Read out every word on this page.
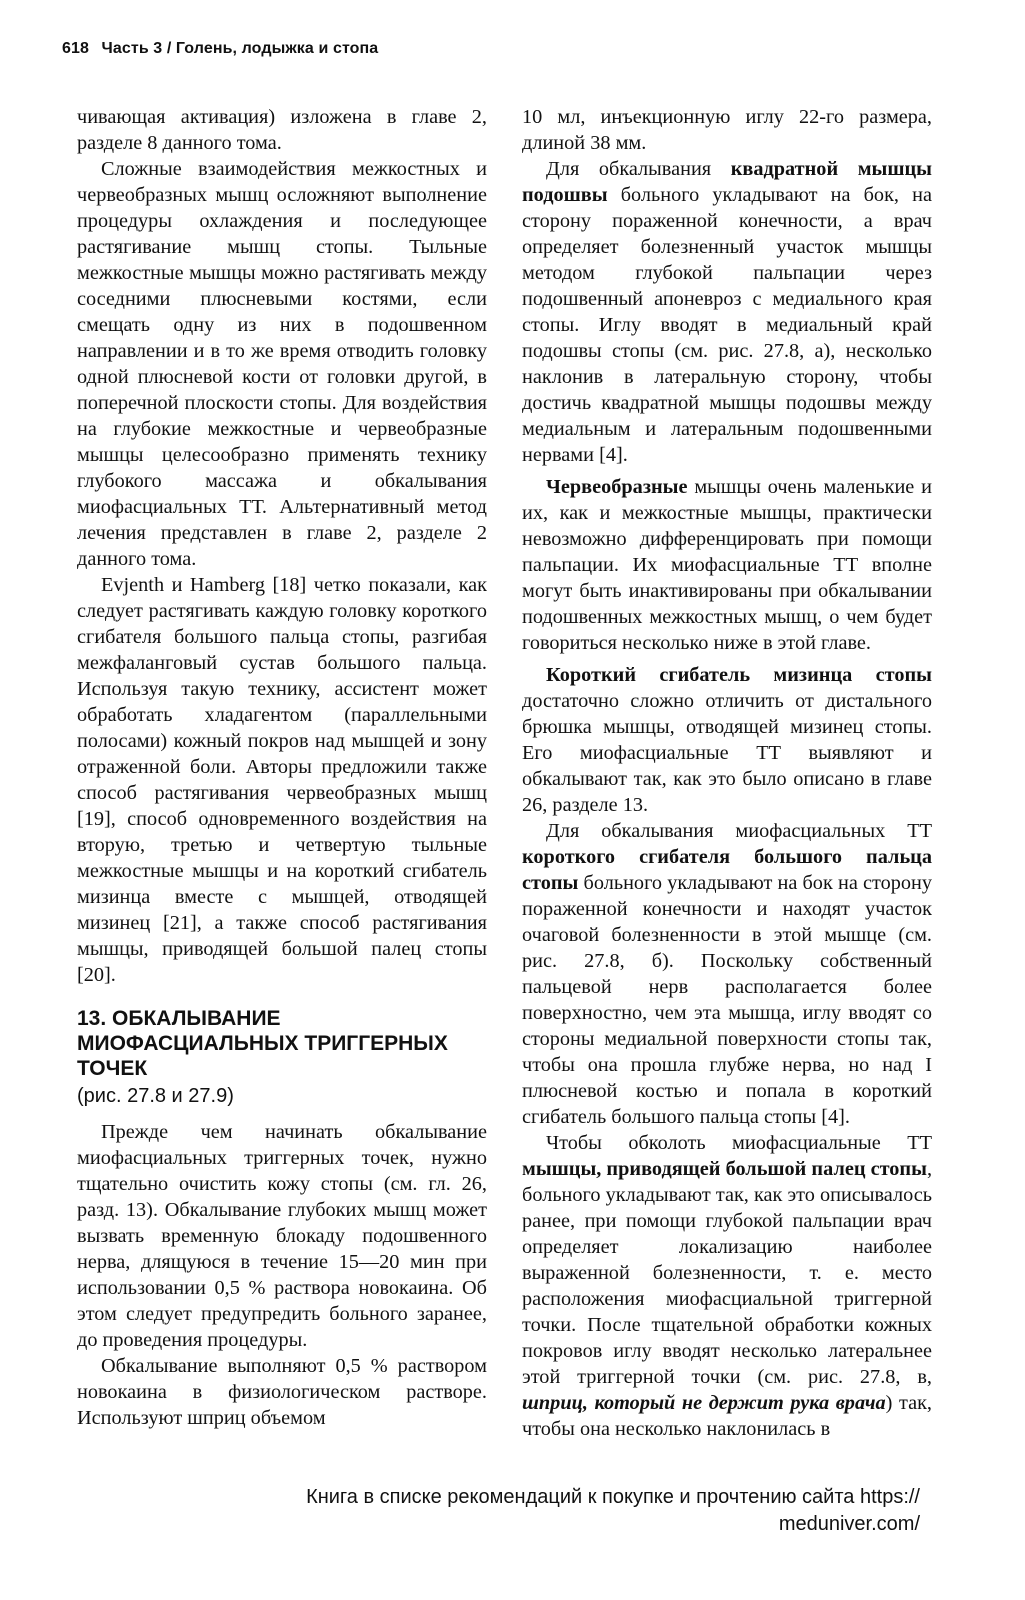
618 Часть 3 / Голень, лодыжка и стопа

чивающая активация) изложена в главе 2, разделе 8 данного тома.

Сложные взаимодействия межкостных и червеобразных мышц осложняют выполнение процедуры охлаждения и последующее растягивание мышц стопы. Тыльные межкостные мышцы можно растягивать между соседними плюсневыми костями, если смещать одну из них в подошвенном направлении и в то же время отводить головку одной плюсневой кости от головки другой, в поперечной плоскости стопы. Для воздействия на глубокие межкостные и червеобразные мышцы целесообразно применять технику глубокого массажа и обкалывания миофасциальных ТТ. Альтернативный метод лечения представлен в главе 2, разделе 2 данного тома.

Evjenth и Hamberg [18] четко показали, как следует растягивать каждую головку короткого сгибателя большого пальца стопы, разгибая межфаланговый сустав большого пальца. Используя такую технику, ассистент может обработать хладагентом (параллельными полосами) кожный покров над мышцей и зону отраженной боли. Авторы предложили также способ растягивания червеобразных мышц [19], способ одновременного воздействия на вторую, третью и четвертую тыльные межкостные мышцы и на короткий сгибатель мизинца вместе с мышцей, отводящей мизинец [21], а также способ растягивания мышцы, приводящей большой палец стопы [20].

13. ОБКАЛЫВАНИЕ МИОФАСЦИАЛЬНЫХ ТРИГГЕРНЫХ ТОЧЕК
(рис. 27.8 и 27.9)

Прежде чем начинать обкалывание миофасциальных триггерных точек, нужно тщательно очистить кожу стопы (см. гл. 26, разд. 13). Обкалывание глубоких мышц может вызвать временную блокаду подошвенного нерва, длящуюся в течение 15—20 мин при использовании 0,5 % раствора новокаина. Об этом следует предупредить больного заранее, до проведения процедуры.

Обкалывание выполняют 0,5 % раствором новокаина в физиологическом растворе. Используют шприц объемом

10 мл, инъекционную иглу 22-го размера, длиной 38 мм.

Для обкалывания квадратной мышцы подошвы больного укладывают на бок, на сторону пораженной конечности, а врач определяет болезненный участок мышцы методом глубокой пальпации через подошвенный апоневроз с медиального края стопы. Иглу вводят в медиальный край подошвы стопы (см. рис. 27.8, а), несколько наклонив в латеральную сторону, чтобы достичь квадратной мышцы подошвы между медиальным и латеральным подошвенными нервами [4].

Червеобразные мышцы очень маленькие и их, как и межкостные мышцы, практически невозможно дифференцировать при помощи пальпации. Их миофасциальные ТТ вполне могут быть инактивированы при обкалывании подошвенных межкостных мышц, о чем будет говориться несколько ниже в этой главе.

Короткий сгибатель мизинца стопы достаточно сложно отличить от дистального брюшка мышцы, отводящей мизинец стопы. Его миофасциальные ТТ выявляют и обкалывают так, как это было описано в главе 26, разделе 13.

Для обкалывания миофасциальных ТТ короткого сгибателя большого пальца стопы больного укладывают на бок на сторону пораженной конечности и находят участок очаговой болезненности в этой мышце (см. рис. 27.8, б). Поскольку собственный пальцевой нерв располагается более поверхностно, чем эта мышца, иглу вводят со стороны медиальной поверхности стопы так, чтобы она прошла глубже нерва, но над I плюсневой костью и попала в короткий сгибатель большого пальца стопы [4].

Чтобы обколоть миофасциальные ТТ мышцы, приводящей большой палец стопы, больного укладывают так, как это описывалось ранее, при помощи глубокой пальпации врач определяет локализацию наиболее выраженной болезненности, т. е. место расположения миофасциальной триггерной точки. После тщательной обработки кожных покровов иглу вводят несколько латеральнее этой триггерной точки (см. рис. 27.8, в, шприц, который не держит рука врача) так, чтобы она несколько наклонилась в

Книга в списке рекомендаций к покупке и прочтению сайта https:// meduniver.com/
